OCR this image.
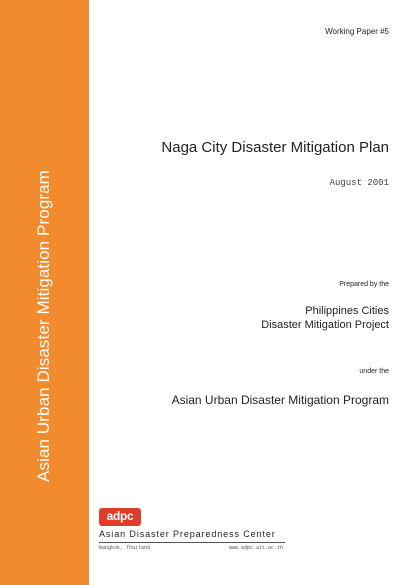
Asian Urban Disaster Mitigation Program
Working Paper #5
Naga City Disaster Mitigation Plan
August 2001
Prepared by the
Philippines Cities
Disaster Mitigation Project
under the
Asian Urban Disaster Mitigation Program
adpc
Asian Disaster Preparedness Center
Bangkok, Thailand	www.adpc.ait.ac.th
